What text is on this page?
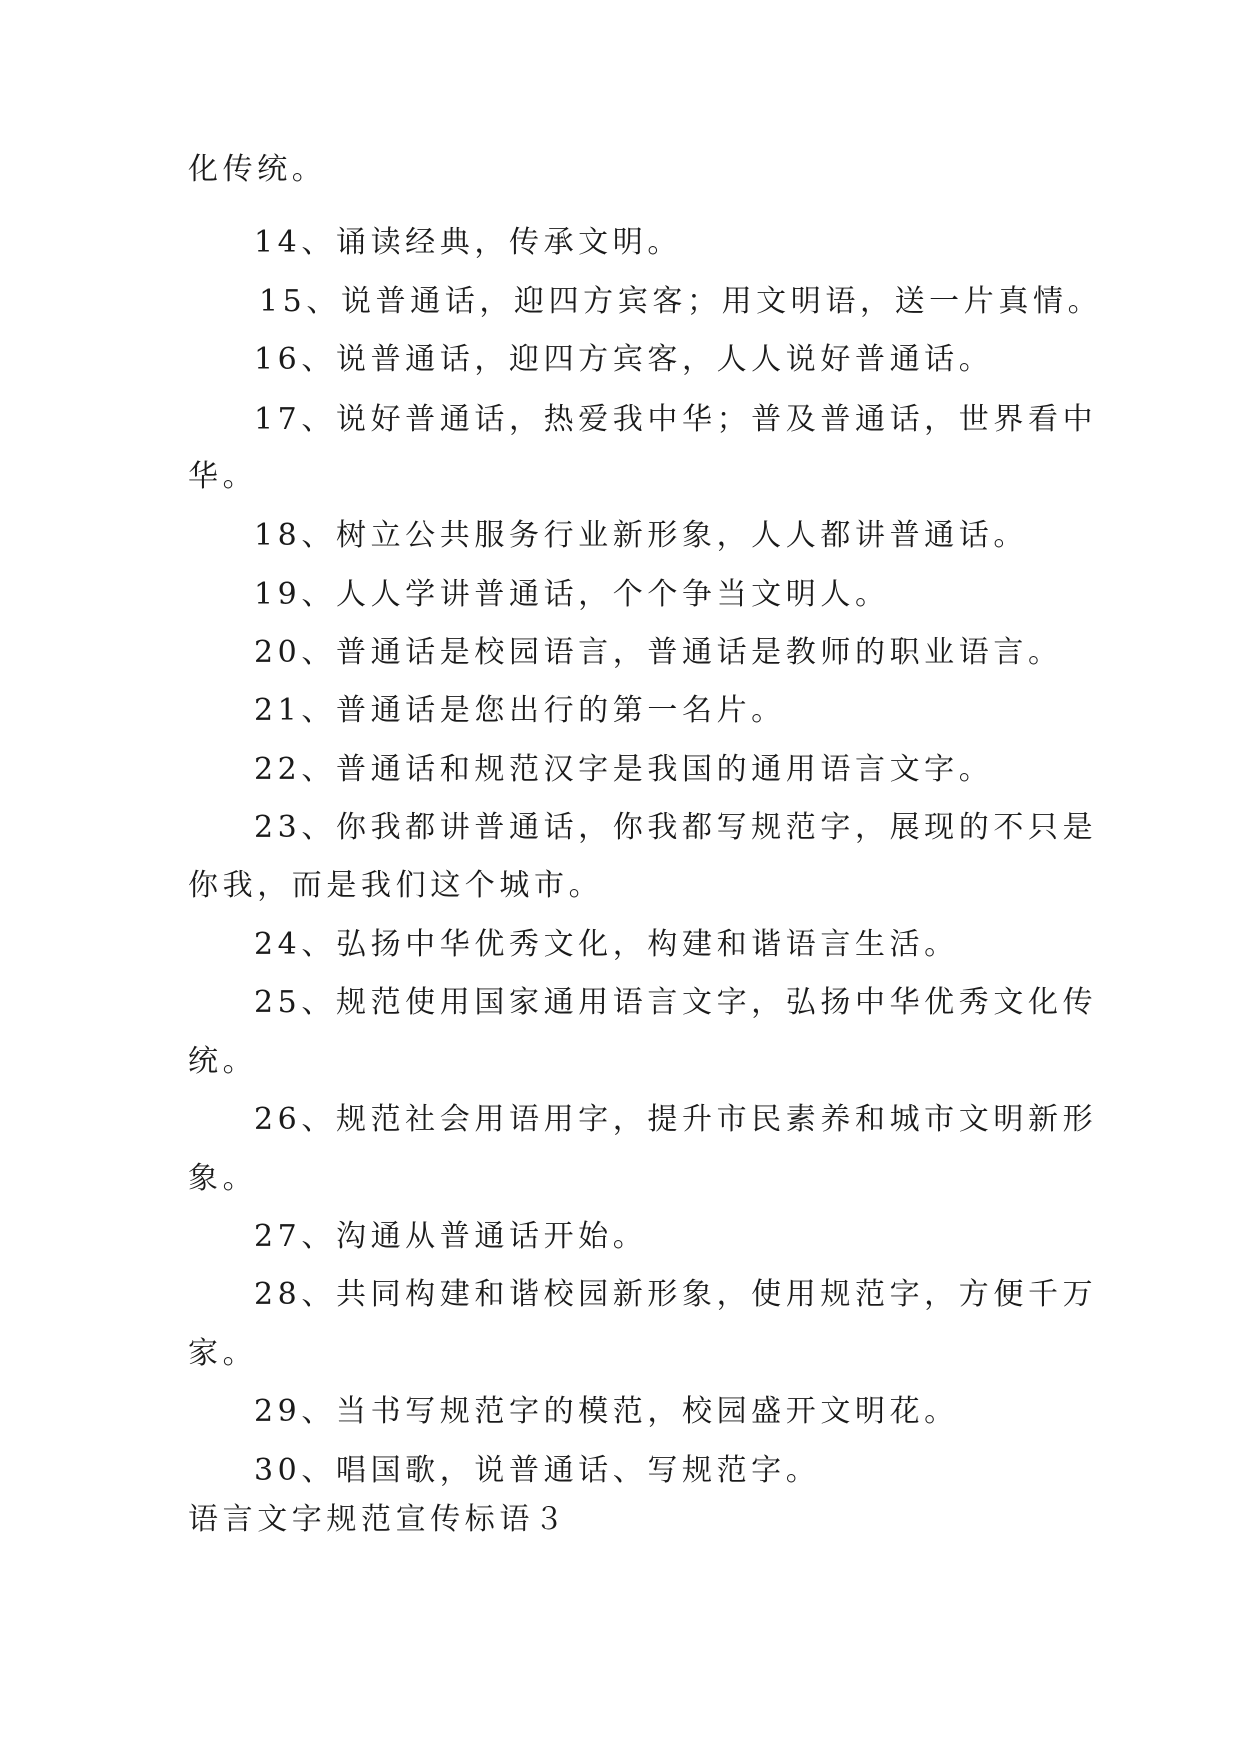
化传统。
14、诵读经典，传承文明。
15、说普通话，迎四方宾客；用文明语，送一片真情。
16、说普通话，迎四方宾客，人人说好普通话。
17、说好普通话，热爱我中华；普及普通话，世界看中
华。
18、树立公共服务行业新形象，人人都讲普通话。
19、人人学讲普通话，个个争当文明人。
20、普通话是校园语言，普通话是教师的职业语言。
21、普通话是您出行的第一名片。
22、普通话和规范汉字是我国的通用语言文字。
23、你我都讲普通话，你我都写规范字，展现的不只是
你我，而是我们这个城市。
24、弘扬中华优秀文化，构建和谐语言生活。
25、规范使用国家通用语言文字，弘扬中华优秀文化传
统。
26、规范社会用语用字，提升市民素养和城市文明新形
象。
27、沟通从普通话开始。
28、共同构建和谐校园新形象，使用规范字，方便千万
家。
29、当书写规范字的模范，校园盛开文明花。
30、唱国歌，说普通话、写规范字。
语言文字规范宣传标语３
